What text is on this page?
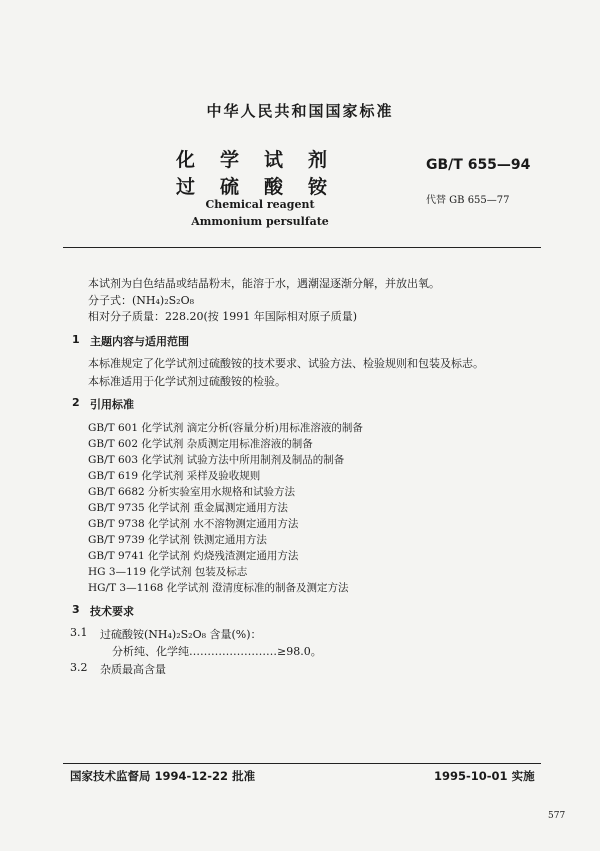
中华人民共和国国家标准
化 学 试 剂
过 硫 酸 铵
GB/T 655—94
代替 GB 655—77
Chemical reagent
Ammonium persulfate
本试剂为白色结晶或结晶粉末，能溶于水，遇潮湿逐渐分解，并放出氧。
分子式：(NH₄)₂S₂O₈
相对分子质量：228.20(按 1991 年国际相对原子质量)
1 主题内容与适用范围
本标准规定了化学试剂过硫酸铵的技术要求、试验方法、检验规则和包装及标志。
本标准适用于化学试剂过硫酸铵的检验。
2 引用标准
GB/T 601 化学试剂 滴定分析(容量分析)用标准溶液的制备
GB/T 602 化学试剂 杂质测定用标准溶液的制备
GB/T 603 化学试剂 试验方法中所用制剂及制品的制备
GB/T 619 化学试剂 采样及验收规则
GB/T 6682 分析实验室用水规格和试验方法
GB/T 9735 化学试剂 重金属测定通用方法
GB/T 9738 化学试剂 水不溶物测定通用方法
GB/T 9739 化学试剂 铁测定通用方法
GB/T 9741 化学试剂 灼烧残渣测定通用方法
HG 3—119 化学试剂 包装及标志
HG/T 3—1168 化学试剂 澄清度标准的制备及测定方法
3 技术要求
3.1 过硫酸铵(NH₄)₂S₂O₈ 含量(%)：
分析纯、化学纯……………………≥98.0。
3.2 杂质最高含量
国家技术监督局 1994-12-22 批准	1995-10-01 实施
577
